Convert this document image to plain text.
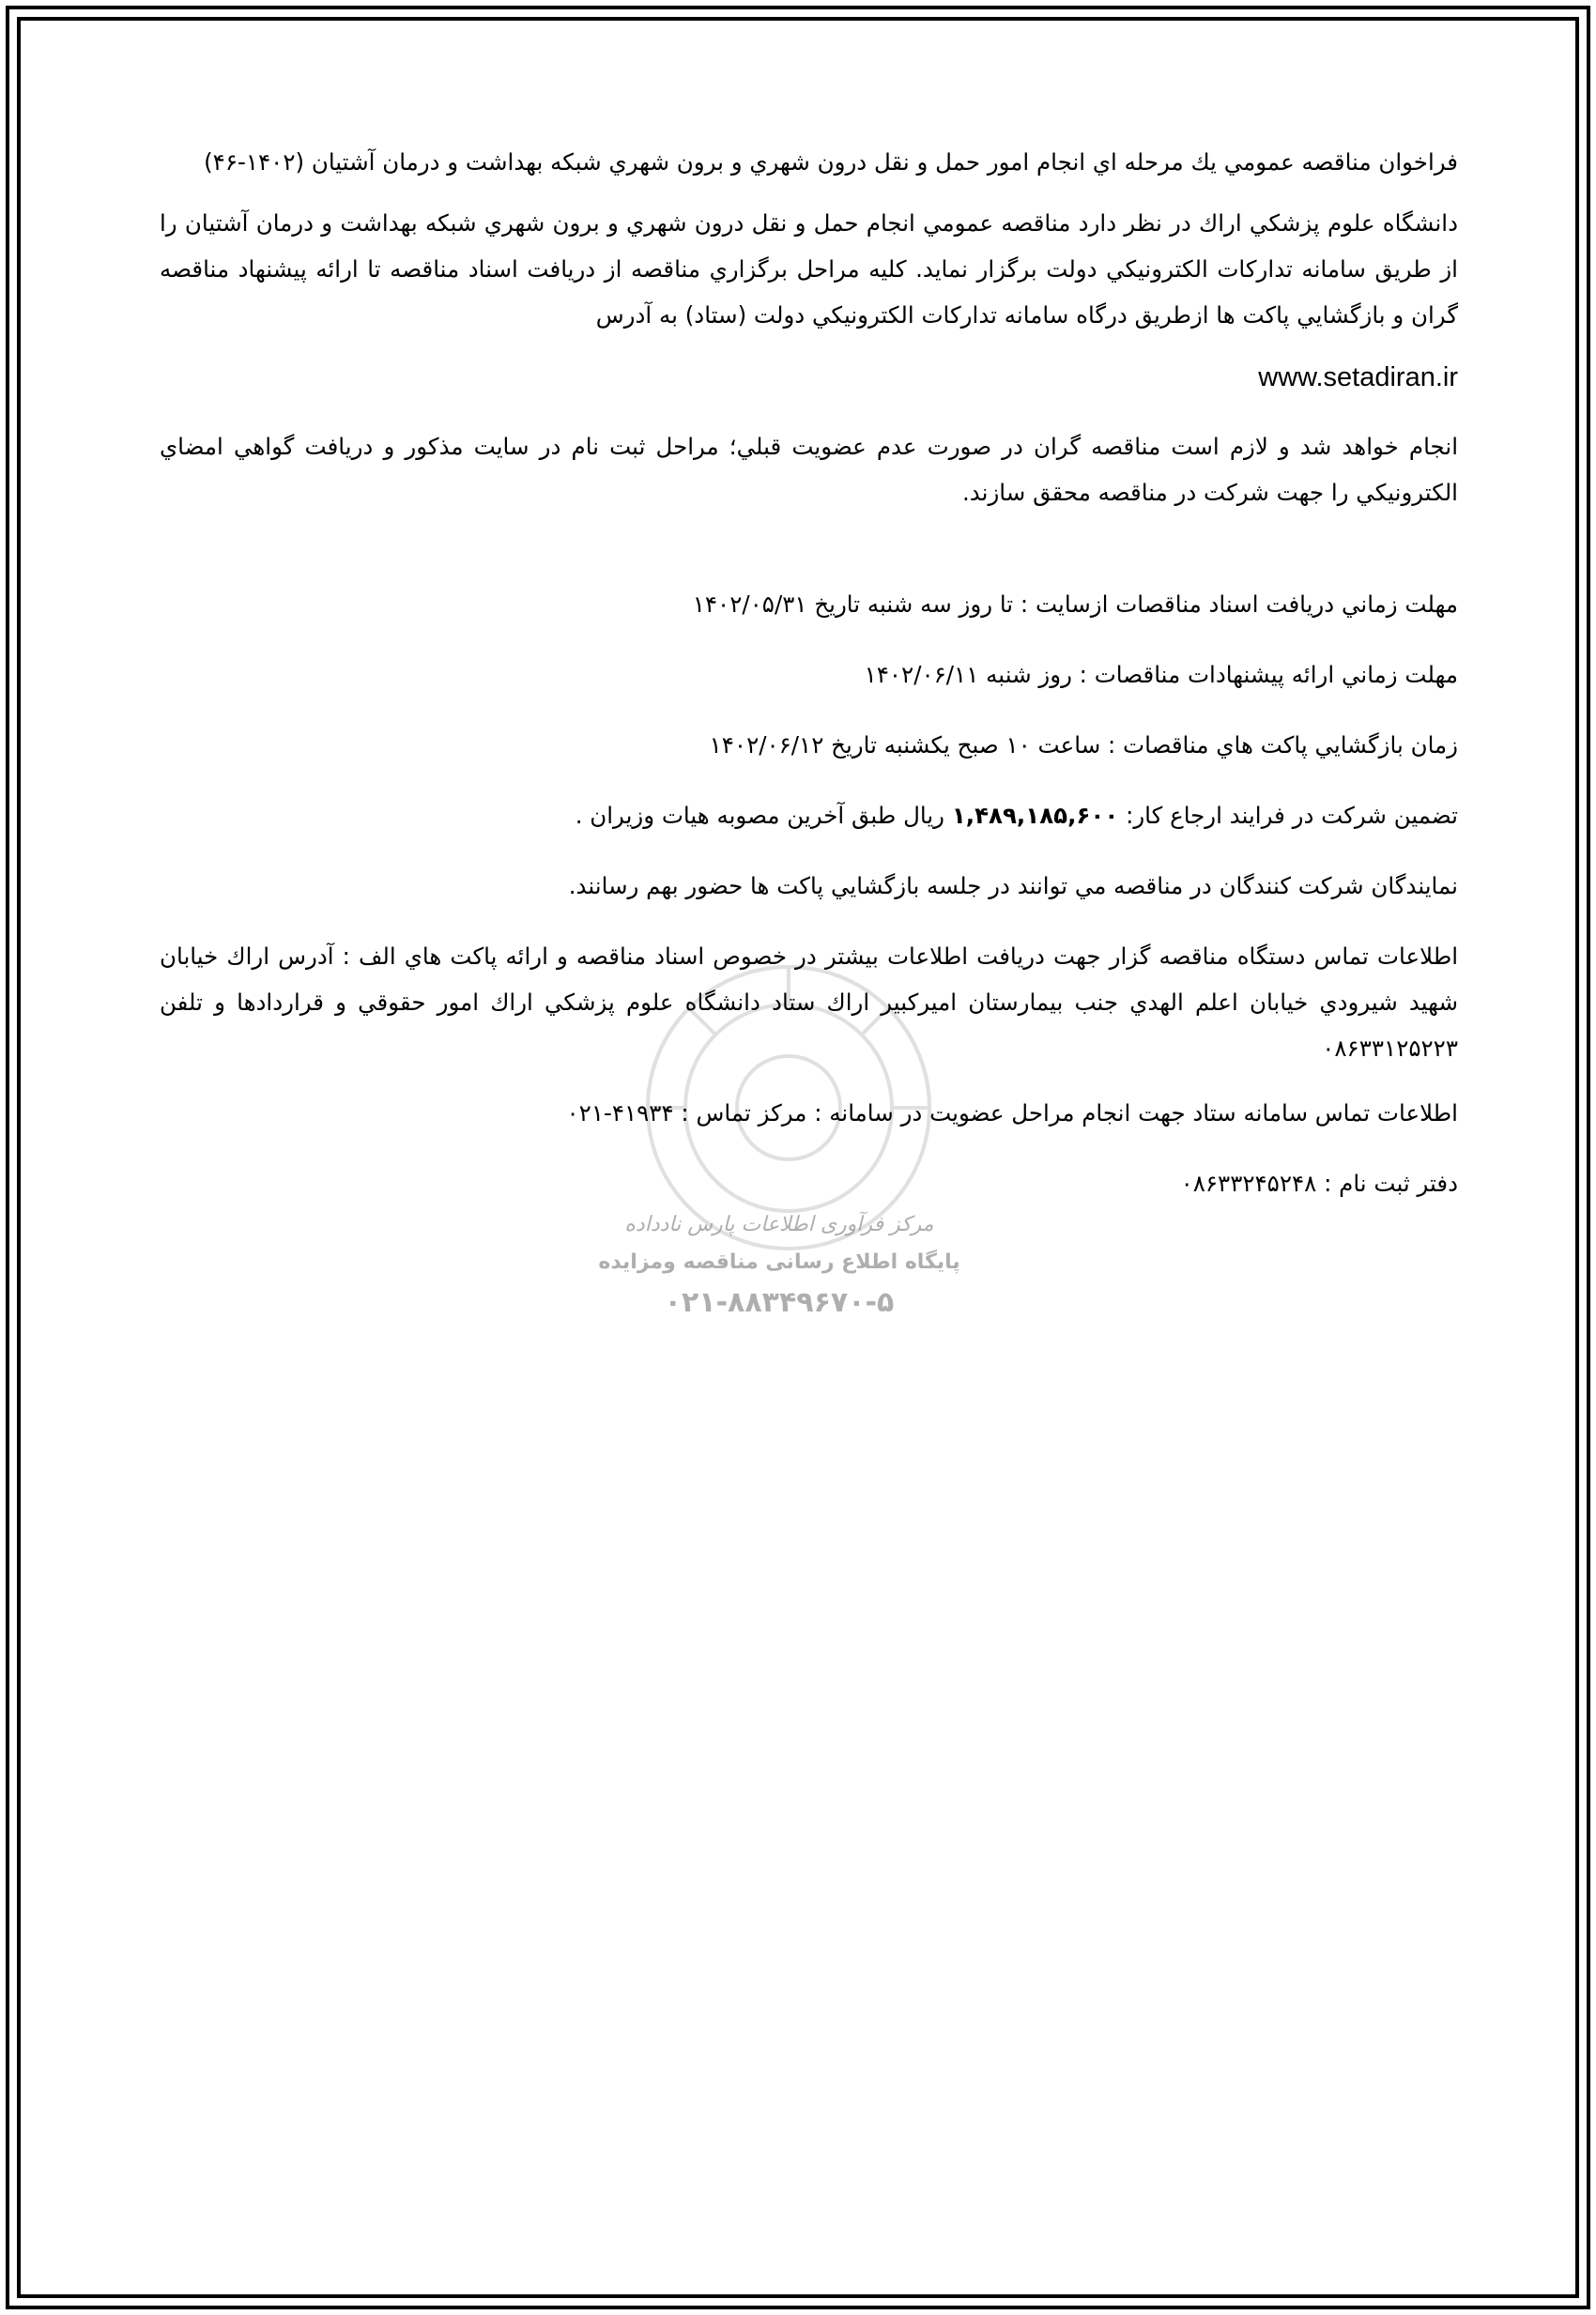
مرکز فرآوری اطلاعات پارس نادداده
پایگاه اطلاع رسانی مناقصه ومزایده
۰۲۱-۸۸۳۴۹۶۷۰-۵

فراخوان مناقصه عمومي يك مرحله اي انجام امور حمل و نقل درون شهري و برون شهري شبكه بهداشت و درمان آشتيان (۱۴۰۲-۴۶)

دانشگاه علوم پزشكي اراك در نظر دارد مناقصه عمومي انجام حمل و نقل درون شهري و برون شهري شبكه بهداشت و درمان آشتيان را از طريق سامانه تداركات الكترونيكي دولت برگزار نمايد. كليه مراحل برگزاري مناقصه از دريافت اسناد مناقصه تا ارائه پيشنهاد مناقصه گران و بازگشايي پاكت ها ازطريق درگاه سامانه تداركات الكترونيكي دولت (ستاد) به آدرس

www.setadiran.ir

انجام خواهد شد و لازم است مناقصه گران در صورت عدم عضويت قبلي؛ مراحل ثبت نام در سايت مذكور و دريافت گواهي امضاي الكترونيكي را جهت شركت در مناقصه محقق سازند.

مهلت زماني دريافت اسناد مناقصات ازسايت : تا روز سه شنبه تاريخ ۱۴۰۲/۰۵/۳۱

مهلت زماني ارائه پيشنهادات مناقصات : روز شنبه ۱۴۰۲/۰۶/۱۱

زمان بازگشايي پاكت هاي مناقصات : ساعت ۱۰ صبح يكشنبه تاريخ ۱۴۰۲/۰۶/۱۲

تضمين شركت در فرايند ارجاع كار: ۱,۴۸۹,۱۸۵,۶۰۰ ريال طبق آخرين مصوبه هيات وزيران .

نمايندگان شركت كنندگان در مناقصه مي توانند در جلسه بازگشايي پاكت ها حضور بهم رسانند.

اطلاعات تماس دستگاه مناقصه گزار جهت دريافت اطلاعات بيشتر در خصوص اسناد مناقصه و ارائه پاكت هاي الف : آدرس اراك خيابان شهيد شيرودي خيابان اعلم الهدي جنب بيمارستان اميركبير اراك ستاد دانشگاه علوم پزشكي اراك امور حقوقي و قراردادها و تلفن ۰۸۶۳۳۱۲۵۲۲۳

اطلاعات تماس سامانه ستاد جهت انجام مراحل عضويت در سامانه : مركز تماس : ۴۱۹۳۴-۰۲۱

دفتر ثبت نام : ۰۸۶۳۳۲۴۵۲۴۸
